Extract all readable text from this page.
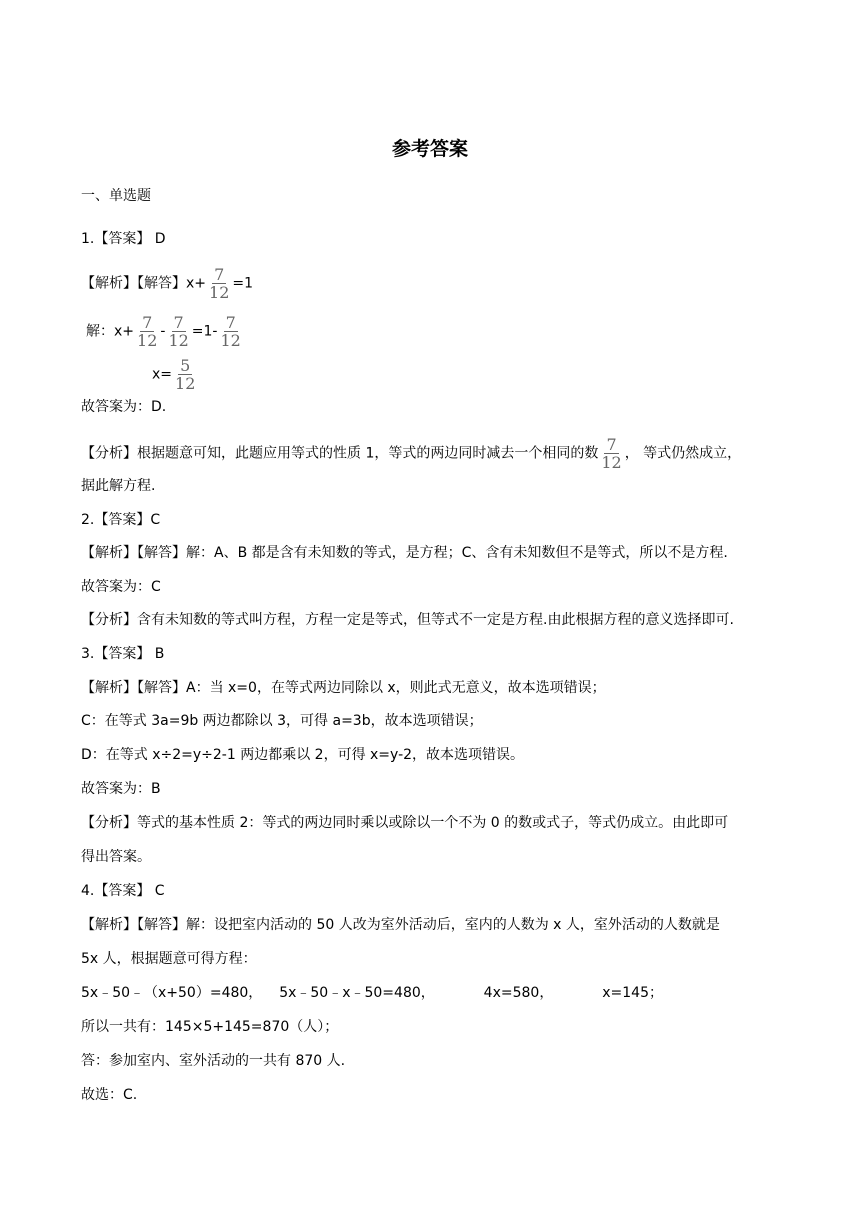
参考答案
一、单选题
1.【答案】 D
【解析】【解答】$x+ \frac{7}{12} =1$
解：$x+ \frac{7}{12} - \frac{7}{12} =1- \frac{7}{12}$
$x= \frac{5}{12}$
故答案为：D.
【分析】根据题意可知，此题应用等式的性质 1，等式的两边同时减去一个相同的数 $\frac{7}{12}$ ， 等式仍然成立，
据此解方程.
2.【答案】C
【解析】【解答】解：A、B 都是含有未知数的等式，是方程；C、含有未知数但不是等式，所以不是方程.
故答案为：C
【分析】含有未知数的等式叫方程，方程一定是等式，但等式不一定是方程.由此根据方程的意义选择即可.
3.【答案】 B
【解析】【解答】A：当 x=0，在等式两边同除以 x，则此式无意义，故本选项错误；
C：在等式 3a=9b 两边都除以 3，可得 a=3b，故本选项错误；
D：在等式 x÷2=y÷2-1 两边都乘以 2，可得 x=y-2，故本选项错误。
故答案为：B
【分析】等式的基本性质 2：等式的两边同时乘以或除以一个不为 0 的数或式子，等式仍成立。由此即可
得出答案。
4.【答案】 C
【解析】【解答】解：设把室内活动的 50 人改为室外活动后，室内的人数为 x 人，室外活动的人数就是
5x 人，根据题意可得方程：
5x﹣50﹣（x+50）=480， 5x﹣50﹣x﹣50=480，	4x=580，	x=145；
所以一共有：145×5+145=870（人）；
答：参加室内、室外活动的一共有 870 人.
故选：C.
